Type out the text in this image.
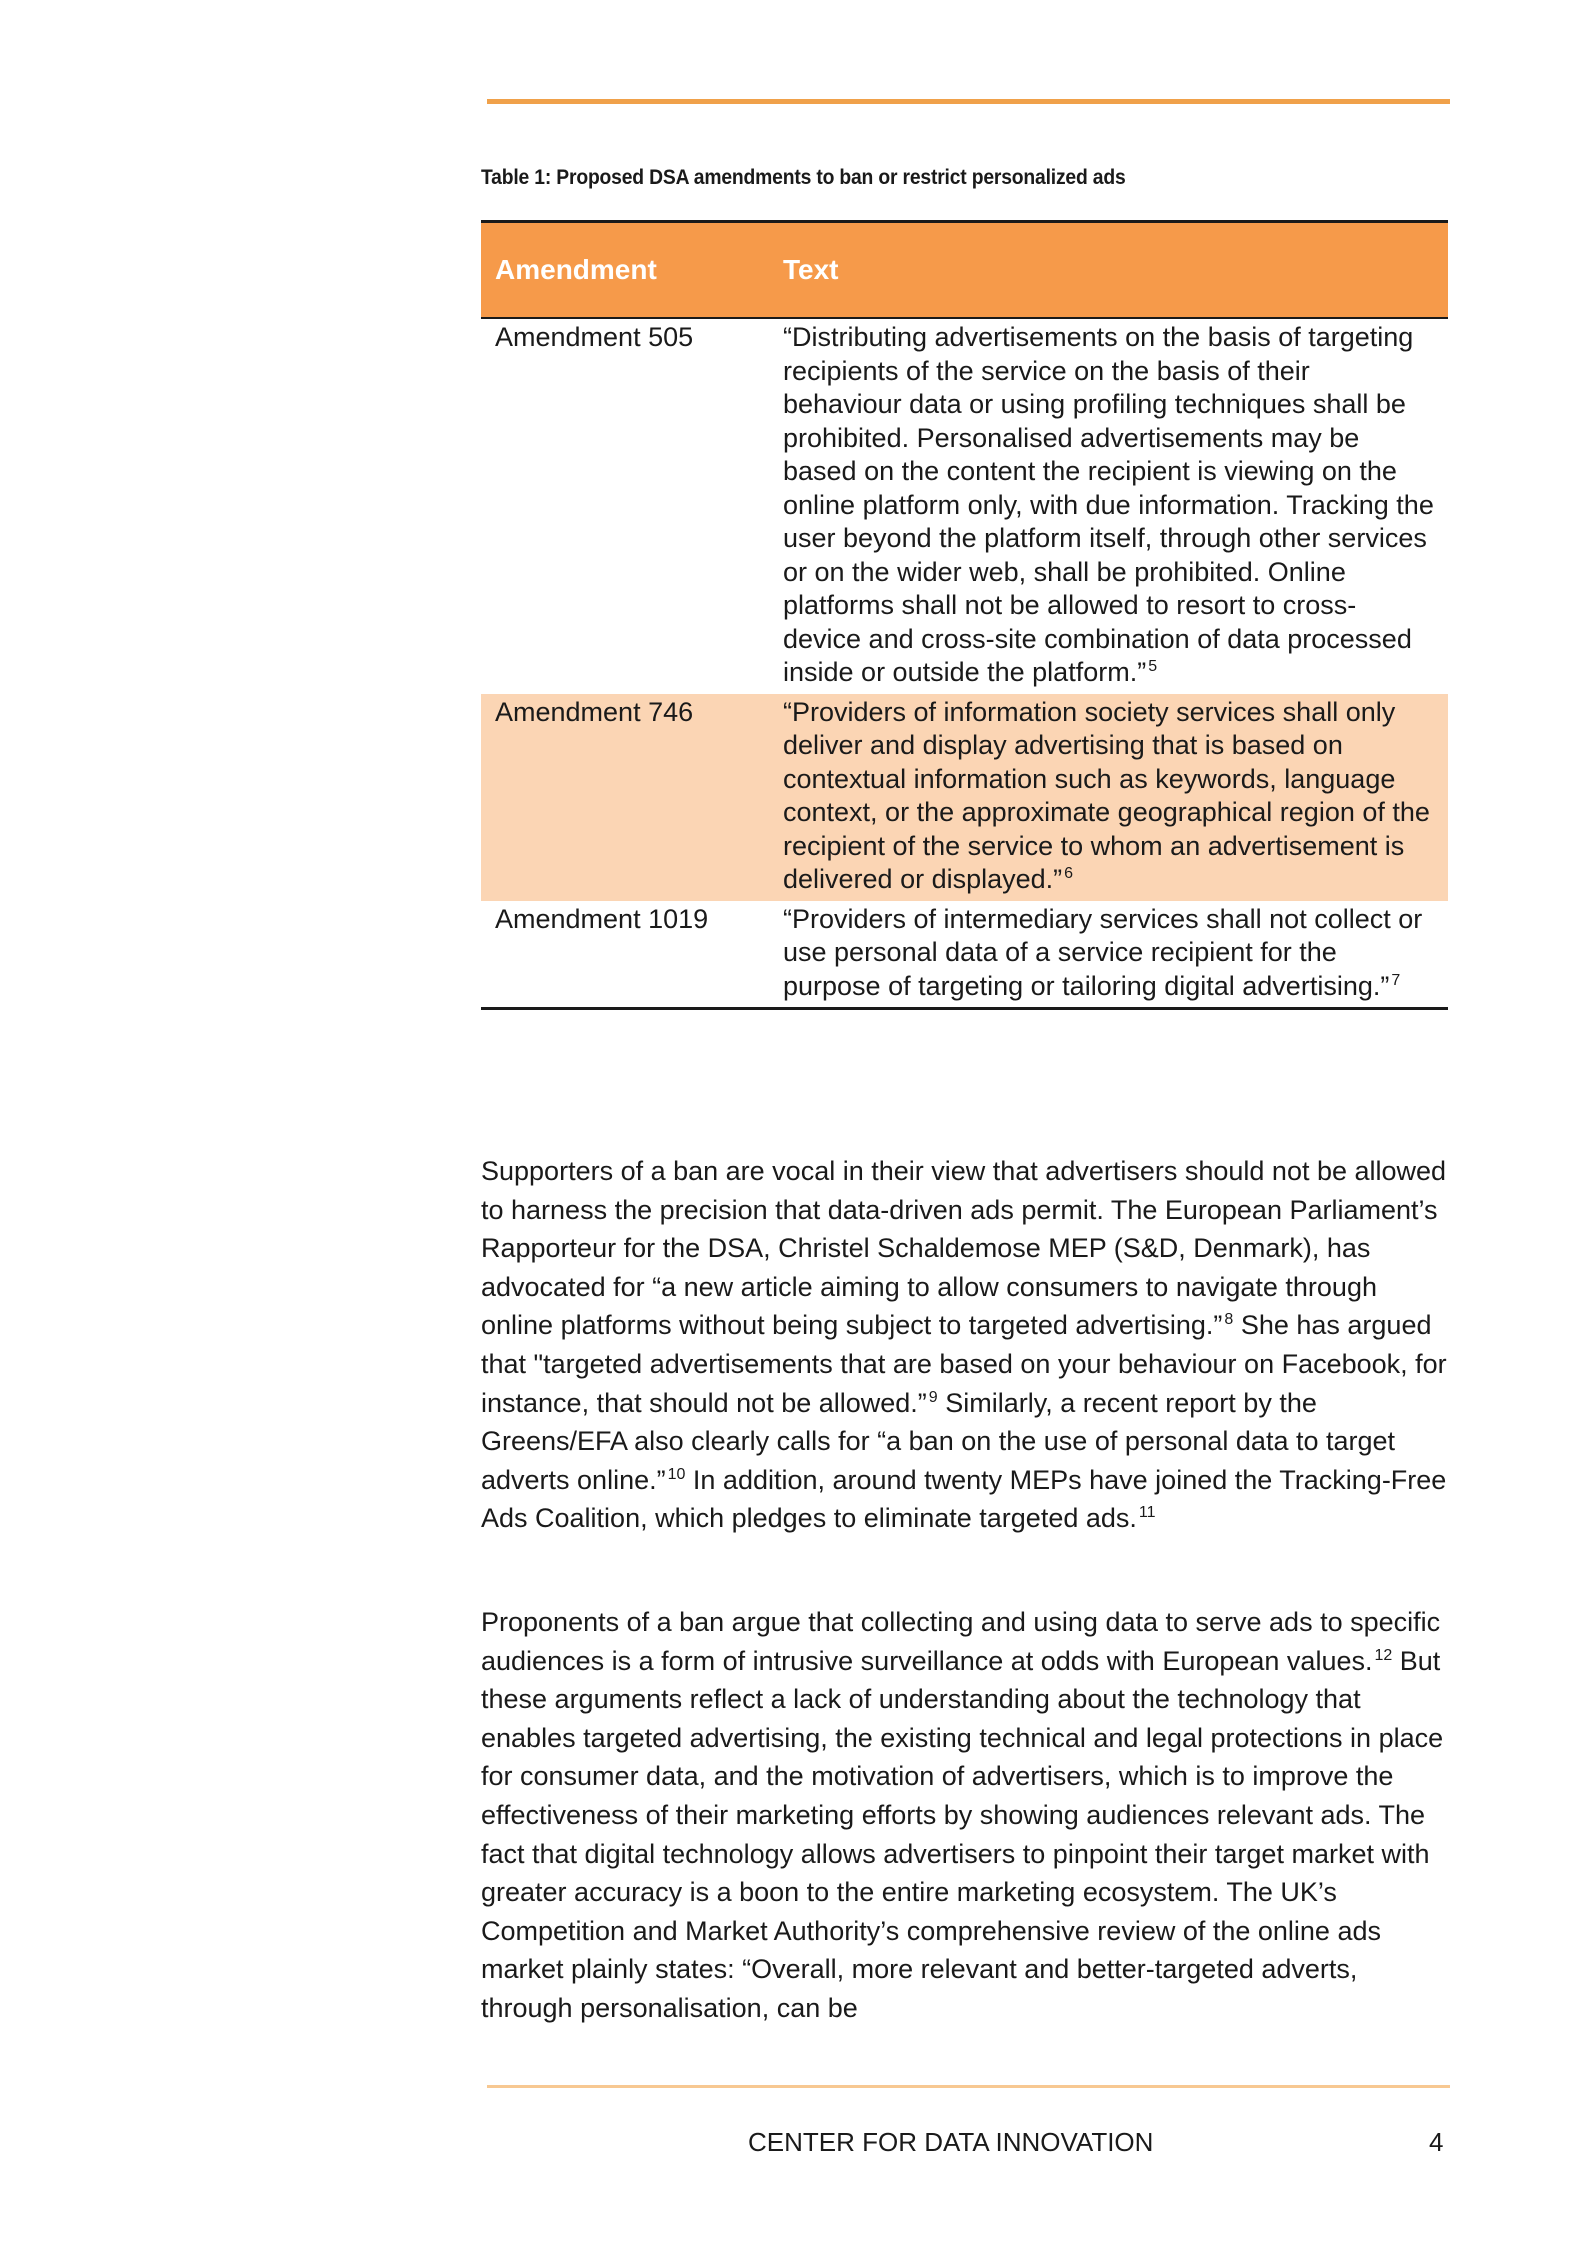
Table 1: Proposed DSA amendments to ban or restrict personalized ads
Amendment	Text
Amendment 505	“Distributing advertisements on the basis of targeting recipients of the service on the basis of their behaviour data or using profiling techniques shall be prohibited. Personalised advertisements may be based on the content the recipient is viewing on the online platform only, with due information. Tracking the user beyond the platform itself, through other services or on the wider web, shall be prohibited. Online platforms shall not be allowed to resort to cross-device and cross-site combination of data processed inside or outside the platform.” $^5$
Amendment 746	“Providers of information society services shall only deliver and display advertising that is based on contextual information such as keywords, language context, or the approximate geographical region of the recipient of the service to whom an advertisement is delivered or displayed.” $^6$
Amendment 1019	“Providers of intermediary services shall not collect or use personal data of a service recipient for the purpose of targeting or tailoring digital advertising.” $^7$

Supporters of a ban are vocal in their view that advertisers should not be allowed to harness the precision that data-driven ads permit. The European Parliament’s Rapporteur for the DSA, Christel Schaldemose MEP (S&D, Denmark), has advocated for “a new article aiming to allow consumers to navigate through online platforms without being subject to targeted advertising.” $^8$ She has argued that "targeted advertisements that are based on your behaviour on Facebook, for instance, that should not be allowed.” $^9$ Similarly, a recent report by the Greens/EFA also clearly calls for “a ban on the use of personal data to target adverts online.” $^{10}$ In addition, around twenty MEPs have joined the Tracking-Free Ads Coalition, which pledges to eliminate targeted ads. $^{11}$

Proponents of a ban argue that collecting and using data to serve ads to specific audiences is a form of intrusive surveillance at odds with European values. $^{12}$ But these arguments reflect a lack of understanding about the technology that enables targeted advertising, the existing technical and legal protections in place for consumer data, and the motivation of advertisers, which is to improve the effectiveness of their marketing efforts by showing audiences relevant ads. The fact that digital technology allows advertisers to pinpoint their target market with greater accuracy is a boon to the entire marketing ecosystem. The UK’s Competition and Market Authority’s comprehensive review of the online ads market plainly states: “Overall, more relevant and better-targeted adverts, through personalisation, can be

CENTER FOR DATA INNOVATION	4
